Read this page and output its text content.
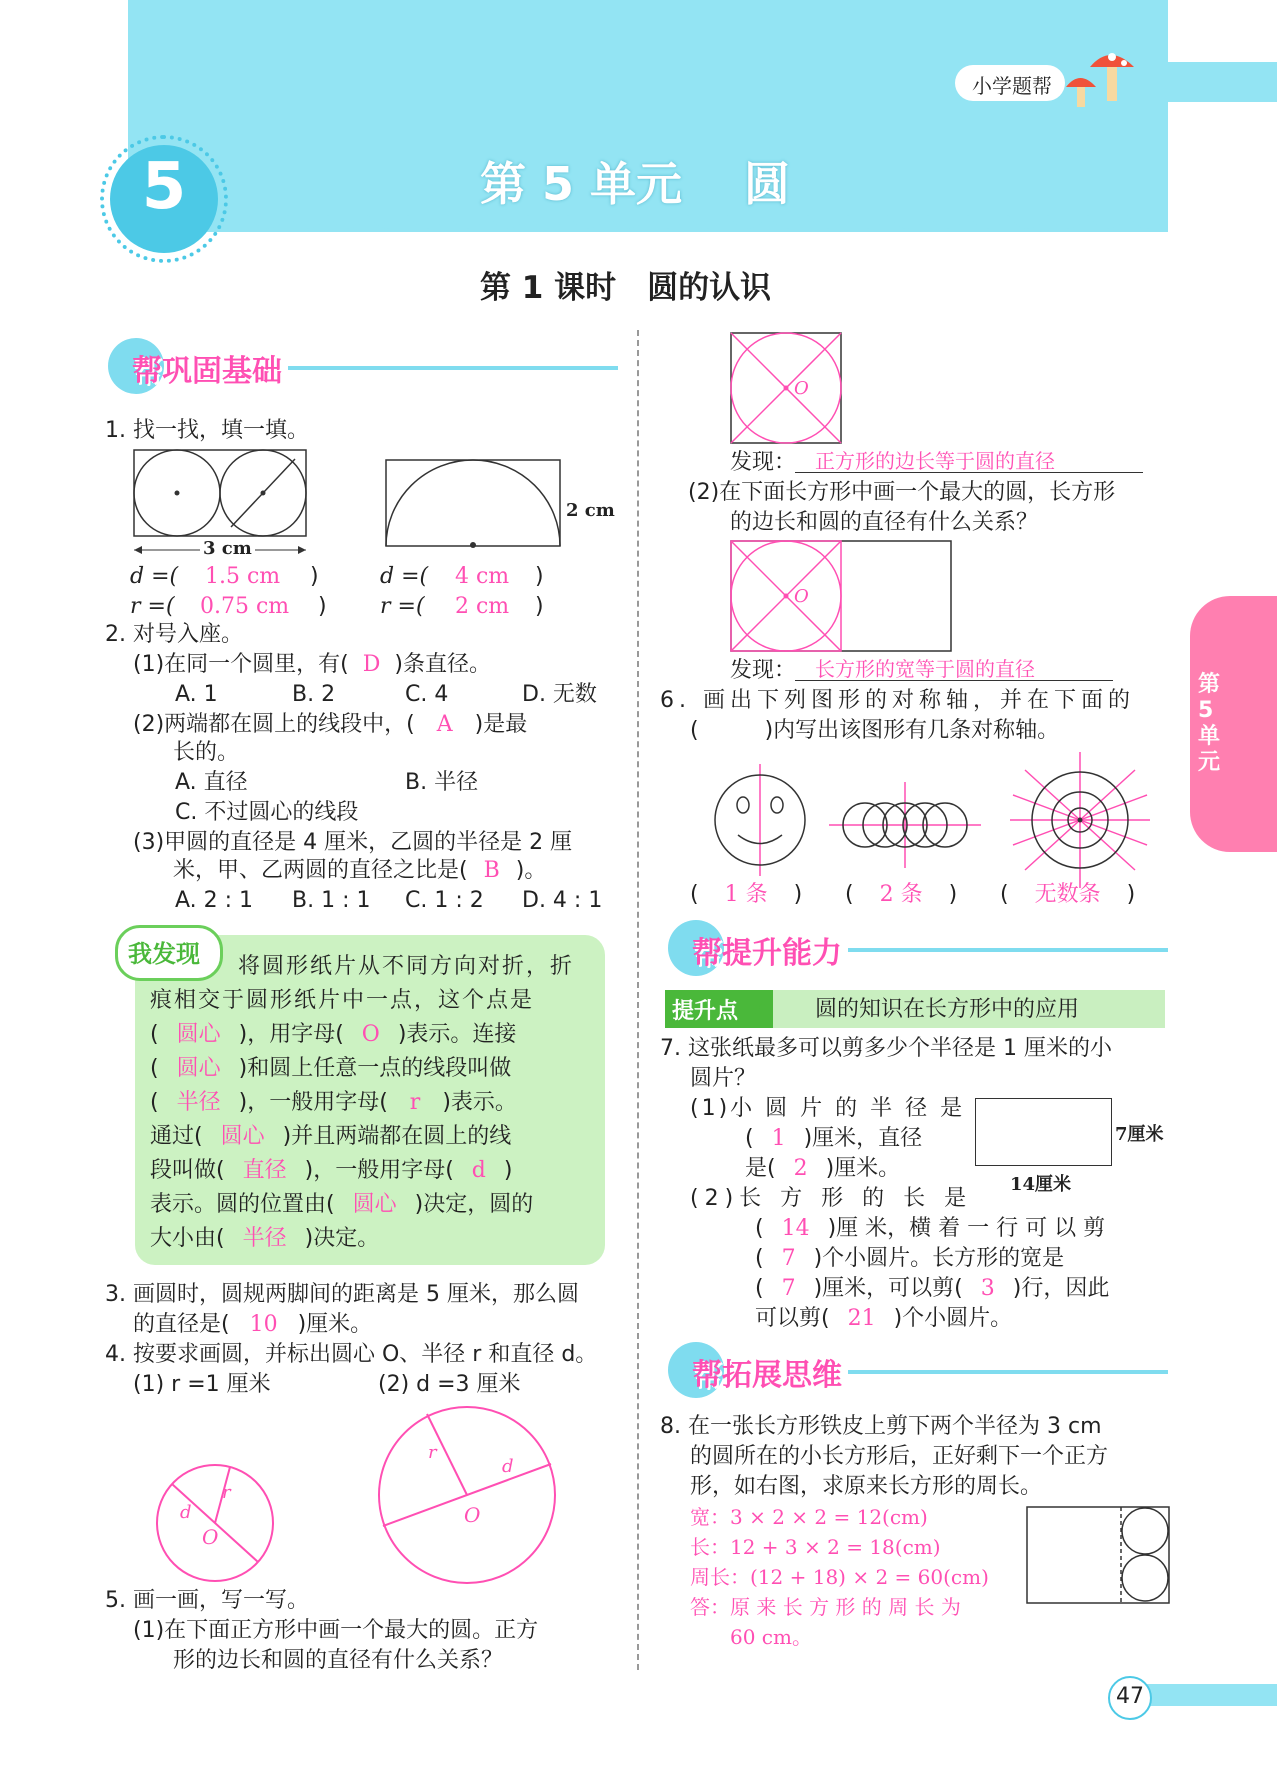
小学题帮
5	第 5 单元　 圆
第 1 课时　圆的认识
第5单元
帮巩固基础
1. 找一找，填一填。
3 cm
2 cm
d =( 1.5 cm )
r =( 0.75 cm )
d =( 4 cm )
r =( 2 cm )
2. 对号入座。
(1)在同一个圆里，有( D )条直径。
A. 1	B. 2	C. 4	D. 无数
(2)两端都在圆上的线段中，( A )是最
长的。
A. 直径	B. 半径
C. 不过圆心的线段
(3)甲圆的直径是 4 厘米，乙圆的半径是 2 厘
米，甲、乙两圆的直径之比是( B )。
A. 2 : 1 B. 1 : 1 C. 1 : 2 D. 4 : 1
我发现 将圆形纸片从不同方向对折，折
痕相交于圆形纸片中一点，这个点是
( 圆心 )，用字母( O )表示。连接
( 圆心 )和圆上任意一点的线段叫做
( 半径 )，一般用字母( r )表示。
通过( 圆心 )并且两端都在圆上的线
段叫做( 直径 )，一般用字母( d )
表示。圆的位置由( 圆心 )决定，圆的
大小由( 半径 )决定。
3. 画圆时，圆规两脚间的距离是 5 厘米，那么圆
的直径是( 10 )厘米。
4. 按要求画圆，并标出圆心 O、半径 r 和直径 d。
(1) r =1 厘米	(2) d =3 厘米
O
r
d	O
r
d
5. 画一画，写一写。
(1)在下面正方形中画一个最大的圆。正方
形的边长和圆的直径有什么关系？
O
发现： 正方形的边长等于圆的直径
(2)在下面长方形中画一个最大的圆，长方形
的边长和圆的直径有什么关系？
O
发现： 长方形的宽等于圆的直径
6. 画出下列图形的对称轴，并在下面的
(　　　)内写出该图形有几条对称轴。
( 1 条 ) ( 2 条 ) ( 无数条 )
帮提升能力
提升点 ➹ 圆的知识在长方形中的应用
7. 这张纸最多可以剪多少个半径是 1 厘米的小
圆片？
(1)小 圆 片 的 半 径 是
( 1 )厘米，直径
是( 2 )厘米。
7厘米
14厘米
(2)长 方 形 的 长 是
( 14 )厘 米，横 着 一 行 可 以 剪
( 7 )个小圆片。长方形的宽是
( 7 )厘米，可以剪( 3 )行，因此
可以剪( 21 )个小圆片。
帮拓展思维
8. 在一张长方形铁皮上剪下两个半径为 3 cm
的圆所在的小长方形后，正好剩下一个正方
形，如右图，求原来长方形的周长。
宽：3 × 2 × 2 = 12(cm)
长：12 + 3 × 2 = 18(cm)
周长：(12 + 18) × 2 = 60(cm)
答：原 来 长 方 形 的 周 长 为
60 cm。
47
